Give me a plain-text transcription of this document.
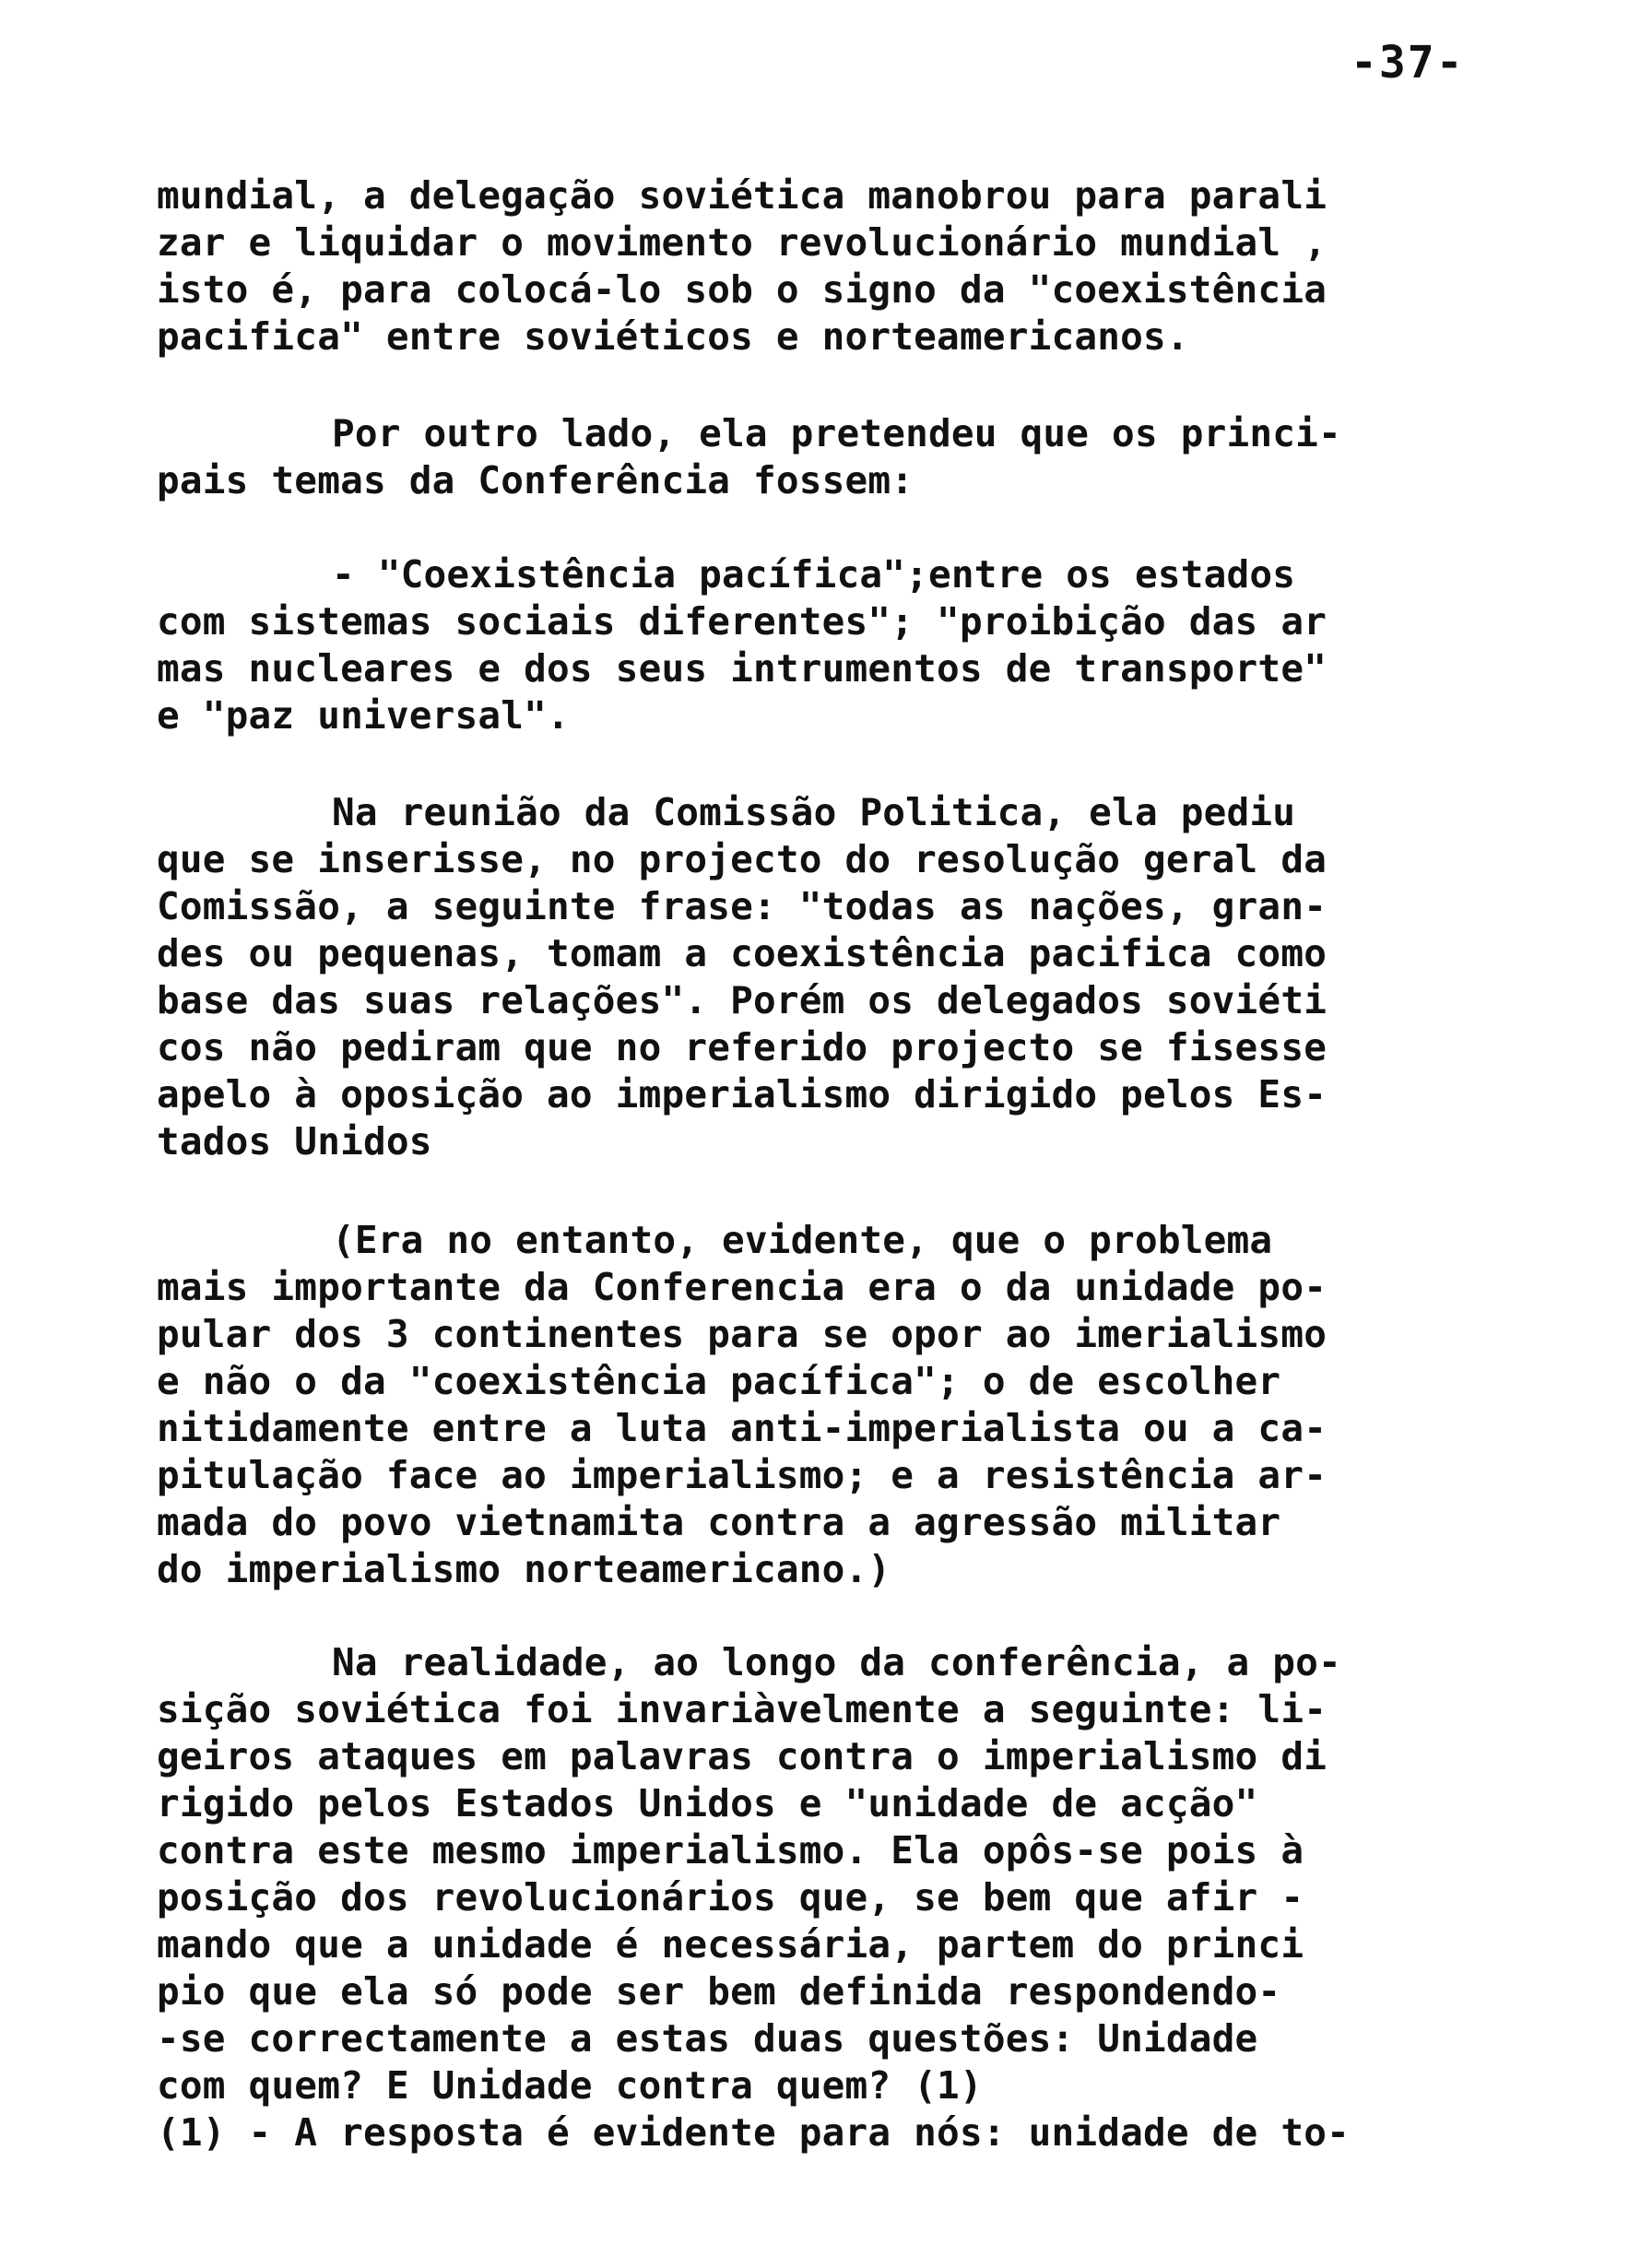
-37-
mundial, a delegação soviética manobrou para parali
zar e liquidar o movimento revolucionário mundial ,
isto é, para colocá-lo sob o signo da "coexistência
pacifica" entre soviéticos e norteamericanos.
Por outro lado, ela pretendeu que os princi-
pais temas da Conferência fossem:
- "Coexistência pacífica";entre os estados
com sistemas sociais diferentes"; "proibição das ar
mas nucleares e dos seus intrumentos de transporte"
e "paz universal".
Na reunião da Comissão Politica, ela pediu
que se inserisse, no projecto do resolução geral da
Comissão, a seguinte frase: "todas as nações, gran-
des ou pequenas, tomam a coexistência pacifica como
base das suas relações". Porém os delegados soviéti
cos não pediram que no referido projecto se fisesse
apelo à oposição ao imperialismo dirigido pelos Es-
tados Unidos
(Era no entanto, evidente, que o problema
mais importante da Conferencia era o da unidade po-
pular dos 3 continentes para se opor ao imerialismo
e não o da "coexistência pacífica"; o de escolher
nitidamente entre a luta anti-imperialista ou a ca-
pitulação face ao imperialismo; e a resistência ar-
mada do povo vietnamita contra a agressão militar
do imperialismo norteamericano.)
Na realidade, ao longo da conferência, a po-
sição soviética foi invariàvelmente a seguinte: li-
geiros ataques em palavras contra o imperialismo di
rigido pelos Estados Unidos e "unidade de acção"
contra este mesmo imperialismo. Ela opôs-se pois à
posição dos revolucionários que, se bem que afir -
mando que a unidade é necessária, partem do princi
pio que ela só pode ser bem definida respondendo-
-se correctamente a estas duas questões: Unidade
com quem? E Unidade contra quem? (1)
(1) - A resposta é evidente para nós: unidade de to-
